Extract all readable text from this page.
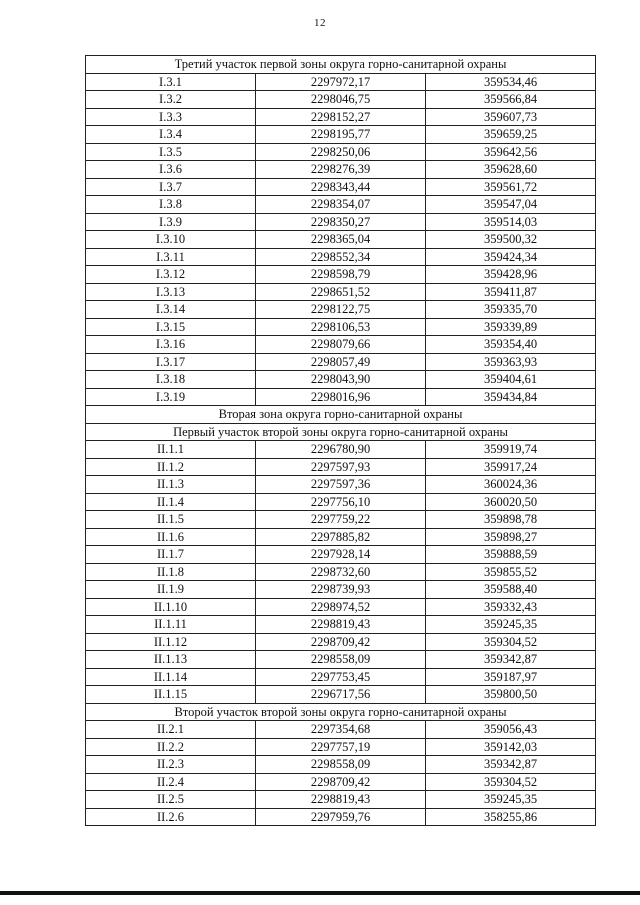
12
Третий участок первой зоны округа горно-санитарной охраны		
I.3.1	2297972,17	359534,46
I.3.2	2298046,75	359566,84
I.3.3	2298152,27	359607,73
I.3.4	2298195,77	359659,25
I.3.5	2298250,06	359642,56
I.3.6	2298276,39	359628,60
I.3.7	2298343,44	359561,72
I.3.8	2298354,07	359547,04
I.3.9	2298350,27	359514,03
I.3.10	2298365,04	359500,32
I.3.11	2298552,34	359424,34
I.3.12	2298598,79	359428,96
I.3.13	2298651,52	359411,87
I.3.14	2298122,75	359335,70
I.3.15	2298106,53	359339,89
I.3.16	2298079,66	359354,40
I.3.17	2298057,49	359363,93
I.3.18	2298043,90	359404,61
I.3.19	2298016,96	359434,84
Вторая зона округа горно-санитарной охраны		
Первый участок второй зоны округа горно-санитарной охраны		
II.1.1	2296780,90	359919,74
II.1.2	2297597,93	359917,24
II.1.3	2297597,36	360024,36
II.1.4	2297756,10	360020,50
II.1.5	2297759,22	359898,78
II.1.6	2297885,82	359898,27
II.1.7	2297928,14	359888,59
II.1.8	2298732,60	359855,52
II.1.9	2298739,93	359588,40
II.1.10	2298974,52	359332,43
II.1.11	2298819,43	359245,35
II.1.12	2298709,42	359304,52
II.1.13	2298558,09	359342,87
II.1.14	2297753,45	359187,97
II.1.15	2296717,56	359800,50
Второй участок второй зоны округа горно-санитарной охраны		
II.2.1	2297354,68	359056,43
II.2.2	2297757,19	359142,03
II.2.3	2298558,09	359342,87
II.2.4	2298709,42	359304,52
II.2.5	2298819,43	359245,35
II.2.6	2297959,76	358255,86
